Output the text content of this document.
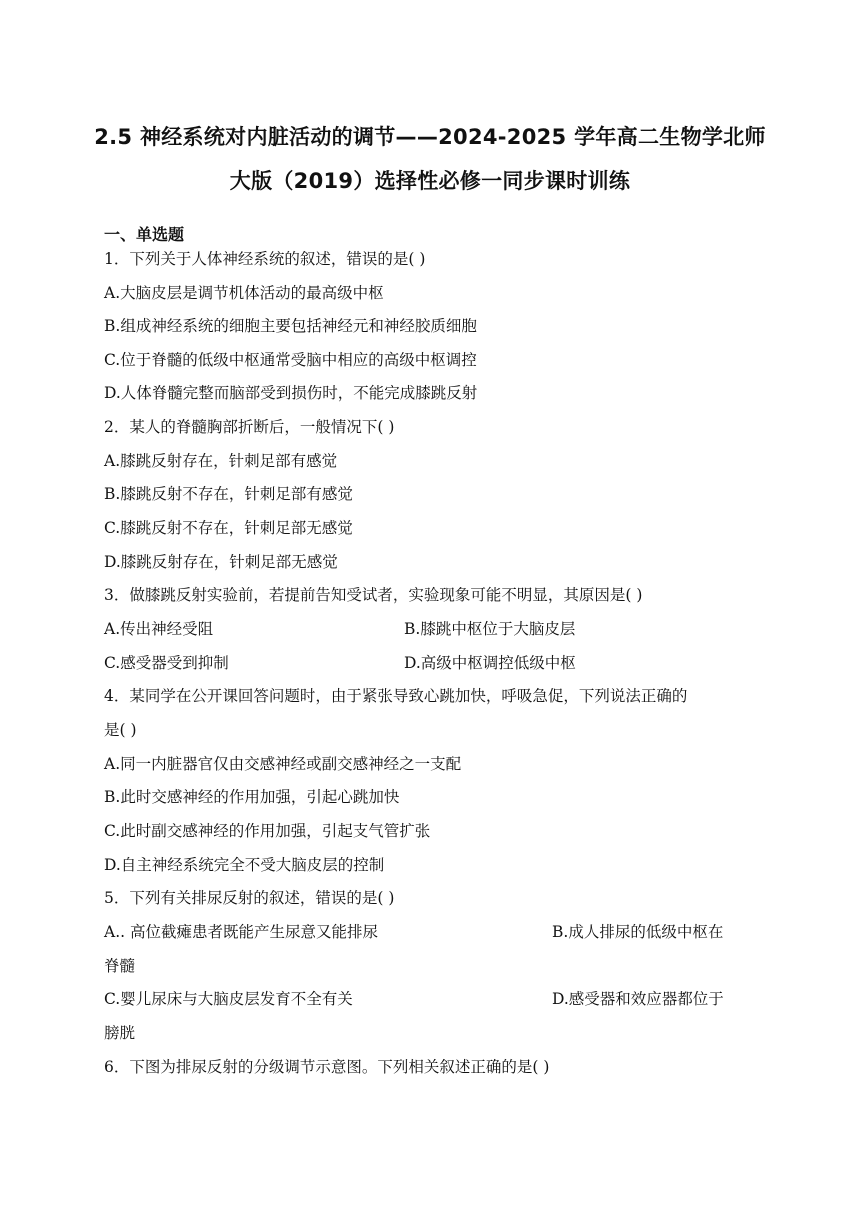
2.5 神经系统对内脏活动的调节——2024-2025 学年高二生物学北师
大版（2019）选择性必修一同步课时训练
一、单选题
1．下列关于人体神经系统的叙述，错误的是( )
A.大脑皮层是调节机体活动的最高级中枢
B.组成神经系统的细胞主要包括神经元和神经胶质细胞
C.位于脊髓的低级中枢通常受脑中相应的高级中枢调控
D.人体脊髓完整而脑部受到损伤时，不能完成膝跳反射
2．某人的脊髓胸部折断后，一般情况下( )
A.膝跳反射存在，针刺足部有感觉
B.膝跳反射不存在，针刺足部有感觉
C.膝跳反射不存在，针刺足部无感觉
D.膝跳反射存在，针刺足部无感觉
3．做膝跳反射实验前，若提前告知受试者，实验现象可能不明显，其原因是( )
A.传出神经受阻	B.膝跳中枢位于大脑皮层
C.感受器受到抑制	D.高级中枢调控低级中枢
4．某同学在公开课回答问题时，由于紧张导致心跳加快，呼吸急促，下列说法正确的
是( )
A.同一内脏器官仅由交感神经或副交感神经之一支配
B.此时交感神经的作用加强，引起心跳加快
C.此时副交感神经的作用加强，引起支气管扩张
D.自主神经系统完全不受大脑皮层的控制
5．下列有关排尿反射的叙述，错误的是( )
A.. 高位截瘫患者既能产生尿意又能排尿	B.成人排尿的低级中枢在
脊髓
C.婴儿尿床与大脑皮层发育不全有关	D.感受器和效应器都位于
膀胱
6．下图为排尿反射的分级调节示意图。下列相关叙述正确的是( )
